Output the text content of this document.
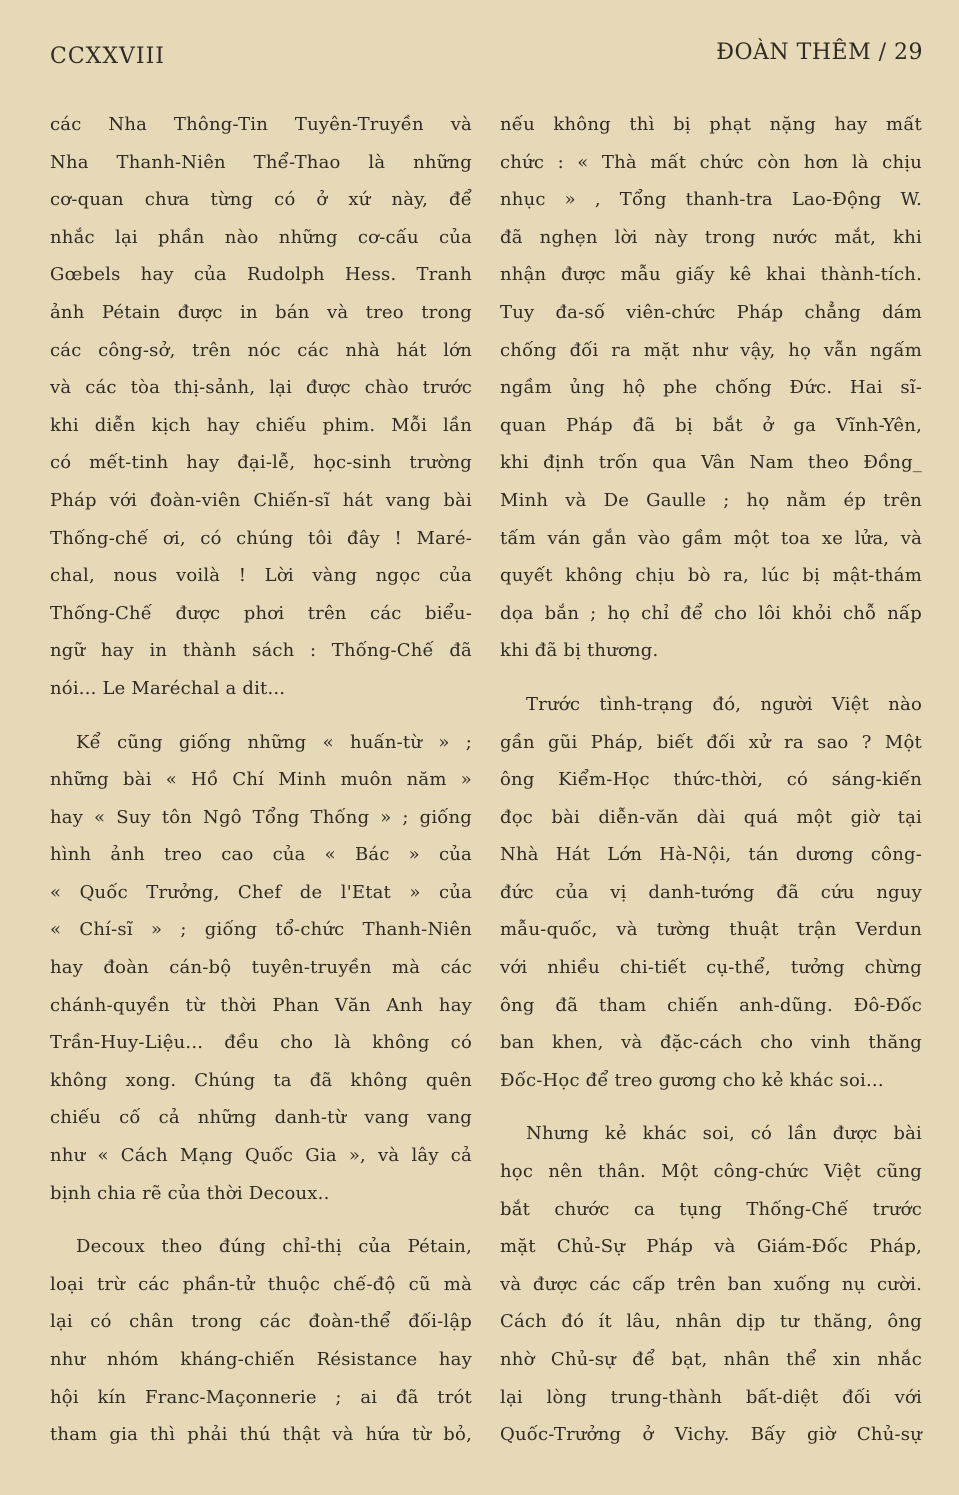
CCXXVIII	ĐOÀN THÊM / 29

các Nha Thông-Tin Tuyên-Truyền và

Nha Thanh-Niên Thể-Thao là những

cơ-quan chưa từng có ở xứ này, để

nhắc lại phần nào những cơ-cấu của

Gœbels hay của Rudolph Hess. Tranh

ảnh Pétain được in bán và treo trong

các công-sở, trên nóc các nhà hát lớn

và các tòa thị-sảnh, lại được chào trước

khi diễn kịch hay chiếu phim. Mỗi lần

có mết-tinh hay đại-lễ, học-sinh trường

Pháp với đoàn-viên Chiến-sĩ hát vang bài

Thống-chế ơi, có chúng tôi đây ! Maré-

chal, nous voilà ! Lời vàng ngọc của

Thống-Chế được phơi trên các biểu-

ngữ hay in thành sách : Thống-Chế đã

nói... Le Maréchal a dit...

Kể cũng giống những « huấn-từ » ;

những bài « Hồ Chí Minh muôn năm »

hay « Suy tôn Ngô Tổng Thống » ; giống

hình ảnh treo cao của « Bác » của

« Quốc Trưởng, Chef de l'Etat » của

« Chí-sĩ » ; giống tổ-chức Thanh-Niên

hay đoàn cán-bộ tuyên-truyền mà các

chánh-quyền từ thời Phan Văn Anh hay

Trần-Huy-Liệu... đều cho là không có

không xong. Chúng ta đã không quên

chiếu cố cả những danh-từ vang vang

như « Cách Mạng Quốc Gia », và lây cả

bịnh chia rẽ của thời Decoux..

Decoux theo đúng chỉ-thị của Pétain,

loại trừ các phần-tử thuộc chế-độ cũ mà

lại có chân trong các đoàn-thể đối-lập

như nhóm kháng-chiến Résistance hay

hội kín Franc-Maçonnerie ; ai đã trót

tham gia thì phải thú thật và hứa từ bỏ,

nếu không thì bị phạt nặng hay mất

chức : « Thà mất chức còn hơn là chịu

nhục » , Tổng thanh-tra Lao-Động W.

đã nghẹn lời này trong nước mắt, khi

nhận được mẫu giấy kê khai thành-tích.

Tuy đa-số viên-chức Pháp chẳng dám

chống đối ra mặt như vậy, họ vẫn ngấm

ngầm ủng hộ phe chống Đức. Hai sĩ-

quan Pháp đã bị bắt ở ga Vĩnh-Yên,

khi định trốn qua Vân Nam theo Đồng_

Minh và De Gaulle ; họ nằm ép trên

tấm ván gắn vào gầm một toa xe lửa, và

quyết không chịu bò ra, lúc bị mật-thám

dọa bắn ; họ chỉ để cho lôi khỏi chỗ nấp

khi đã bị thương.

Trước tình-trạng đó, người Việt nào

gần gũi Pháp, biết đối xử ra sao ? Một

ông Kiểm-Học thức-thời, có sáng-kiến

đọc bài diễn-văn dài quá một giờ tại

Nhà Hát Lớn Hà-Nội, tán dương công-

đức của vị danh-tướng đã cứu nguy

mẫu-quốc, và tường thuật trận Verdun

với nhiều chi-tiết cụ-thể, tưởng chừng

ông đã tham chiến anh-dũng. Đô-Đốc

ban khen, và đặc-cách cho vinh thăng

Đốc-Học để treo gương cho kẻ khác soi...

Nhưng kẻ khác soi, có lần được bài

học nên thân. Một công-chức Việt cũng

bắt chước ca tụng Thống-Chế trước

mặt Chủ-Sự Pháp và Giám-Đốc Pháp,

và được các cấp trên ban xuống nụ cười.

Cách đó ít lâu, nhân dịp tư thăng, ông

nhờ Chủ-sự để bạt, nhân thể xin nhắc

lại lòng trung-thành bất-diệt đối với

Quốc-Trưởng ở Vichy. Bấy giờ Chủ-sự
